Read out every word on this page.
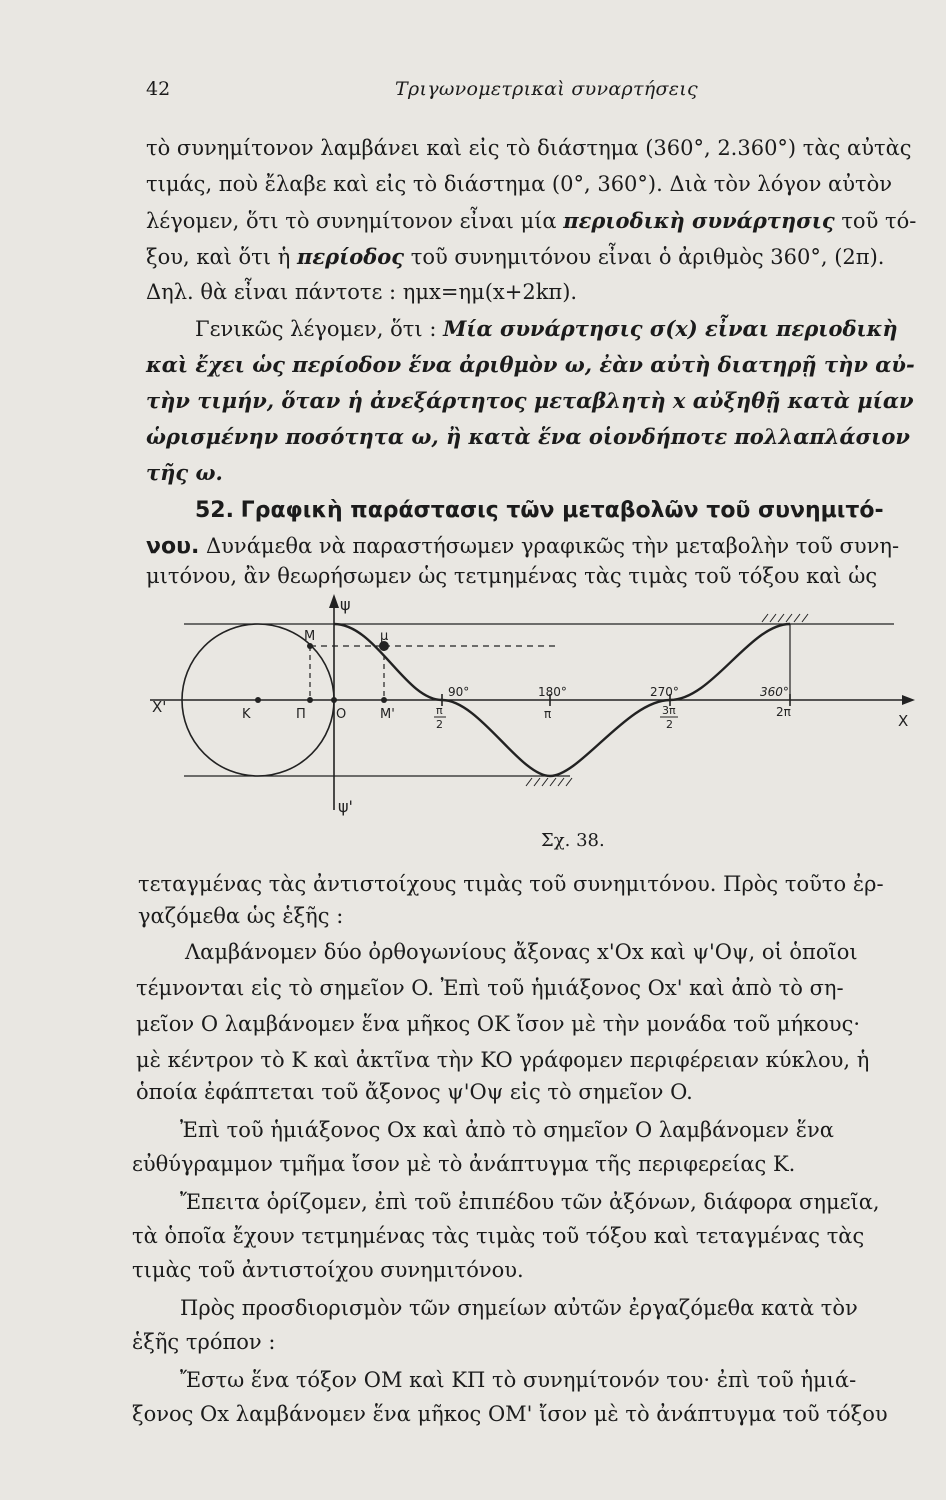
42	Τριγωνομετρικαὶ συναρτήσεις
τὸ συνημίτονον λαμβάνει καὶ εἰς τὸ διάστημα (360°, 2.360°) τὰς αὐτὰς
τιμάς, ποὺ ἔλαβε καὶ εἰς τὸ διάστημα (0°, 360°). Διὰ τὸν λόγον αὐτὸν
λέγομεν, ὅτι τὸ συνημίτονον εἶναι μία περιοδικὴ συνάρτησις τοῦ τό-
ξου, καὶ ὅτι ἡ περίοδος τοῦ συνημιτόνου εἶναι ὁ ἀριθμὸς 360°, (2π).
Δηλ. θὰ εἶναι πάντοτε : ημx=ημ(x+2kπ).
Γενικῶς λέγομεν, ὅτι : Μία συνάρτησις σ(x) εἶναι περιοδικὴ
καὶ ἔχει ὡς περίοδον ἕνα ἀριθμὸν ω, ἐὰν αὐτὴ διατηρῇ τὴν αὐ-
τὴν τιμήν, ὅταν ἡ ἀνεξάρτητος μεταβλητὴ x αὐξηθῇ κατὰ μίαν
ὡρισμένην ποσότητα ω, ἢ κατὰ ἕνα οἱονδήποτε πολλαπλάσιον
τῆς ω.
52. Γραφικὴ παράστασις τῶν μεταβολῶν τοῦ συνημιτό-
νου. Δυνάμεθα νὰ παραστήσωμεν γραφικῶς τὴν μεταβολὴν τοῦ συνη-
μιτόνου, ἂν θεωρήσωμεν ὡς τετμημένας τὰς τιμὰς τοῦ τόξου καὶ ὡς
ψ
ψ'
X
X'	K	Π O
M	μ
M'
90°	180°	270°	360°
π
2
π	3π
2
2π
Σχ. 38.
τεταγμένας τὰς ἀντιστοίχους τιμὰς τοῦ συνημιτόνου. Πρὸς τοῦτο ἐρ-
γαζόμεθα ὡς ἑξῆς :
Λαμβάνομεν δύο ὀρθογωνίους ἄξονας x'Ox καὶ ψ'Oψ, οἱ ὁποῖοι
τέμνονται εἰς τὸ σημεῖον O. Ἐπὶ τοῦ ἡμιάξονος Ox' καὶ ἀπὸ τὸ ση-
μεῖον O λαμβάνομεν ἕνα μῆκος OK ἴσον μὲ τὴν μονάδα τοῦ μήκους·
μὲ κέντρον τὸ K καὶ ἀκτῖνα τὴν KO γράφομεν περιφέρειαν κύκλου, ἡ
ὁποία ἐφάπτεται τοῦ ἄξονος ψ'Oψ εἰς τὸ σημεῖον O.
Ἐπὶ τοῦ ἡμιάξονος Ox καὶ ἀπὸ τὸ σημεῖον O λαμβάνομεν ἕνα
εὐθύγραμμον τμῆμα ἴσον μὲ τὸ ἀνάπτυγμα τῆς περιφερείας K.
Ἔπειτα ὁρίζομεν, ἐπὶ τοῦ ἐπιπέδου τῶν ἀξόνων, διάφορα σημεῖα,
τὰ ὁποῖα ἔχουν τετμημένας τὰς τιμὰς τοῦ τόξου καὶ τεταγμένας τὰς
τιμὰς τοῦ ἀντιστοίχου συνημιτόνου.
Πρὸς προσδιορισμὸν τῶν σημείων αὐτῶν ἐργαζόμεθα κατὰ τὸν
ἑξῆς τρόπον :
Ἔστω ἕνα τόξον OM καὶ KΠ τὸ συνημίτονόν του· ἐπὶ τοῦ ἡμιά-
ξονος Ox λαμβάνομεν ἕνα μῆκος OM' ἴσον μὲ τὸ ἀνάπτυγμα τοῦ τόξου
